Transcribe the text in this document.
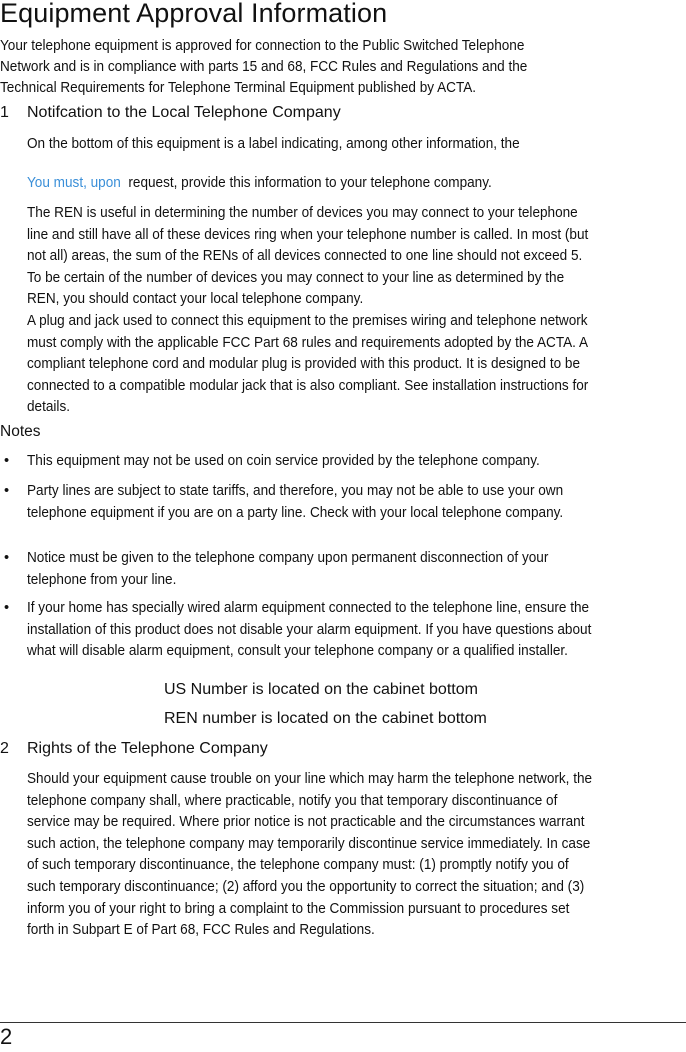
Equipment Approval Information

Your telephone equipment is approved for connection to the Public Switched Telephone Network and is in compliance with parts 15 and 68, FCC Rules and Regulations and the Technical Requirements for Telephone Terminal Equipment published by ACTA.

1 Notifcation to the Local Telephone Company

On the bottom of this equipment is a label indicating, among other information, the

You must, upon request, provide this information to your telephone company.

The REN is useful in determining the number of devices you may connect to your telephone line and still have all of these devices ring when your telephone number is called. In most (but not all) areas, the sum of the RENs of all devices connected to one line should not exceed 5. To be certain of the number of devices you may connect to your line as determined by the REN, you should contact your local telephone company.

A plug and jack used to connect this equipment to the premises wiring and telephone network must comply with the applicable FCC Part 68 rules and requirements adopted by the ACTA. A compliant telephone cord and modular plug is provided with this product. It is designed to be connected to a compatible modular jack that is also compliant. See installation instructions for details.

Notes
• This equipment may not be used on coin service provided by the telephone company.
• Party lines are subject to state tariffs, and therefore, you may not be able to use your own telephone equipment if you are on a party line. Check with your local telephone company.
• Notice must be given to the telephone company upon permanent disconnection of your telephone from your line.
• If your home has specially wired alarm equipment connected to the telephone line, ensure the installation of this product does not disable your alarm equipment. If you have questions about what will disable alarm equipment, consult your telephone company or a qualified installer.

US Number is located on the cabinet bottom

REN number is located on the cabinet bottom

2 Rights of the Telephone Company

Should your equipment cause trouble on your line which may harm the telephone network, the telephone company shall, where practicable, notify you that temporary discontinuance of service may be required. Where prior notice is not practicable and the circumstances warrant such action, the telephone company may temporarily discontinue service immediately. In case of such temporary discontinuance, the telephone company must: (1) promptly notify you of such temporary discontinuance; (2) afford you the opportunity to correct the situation; and (3) inform you of your right to bring a complaint to the Commission pursuant to procedures set forth in Subpart E of Part 68, FCC Rules and Regulations.

2
